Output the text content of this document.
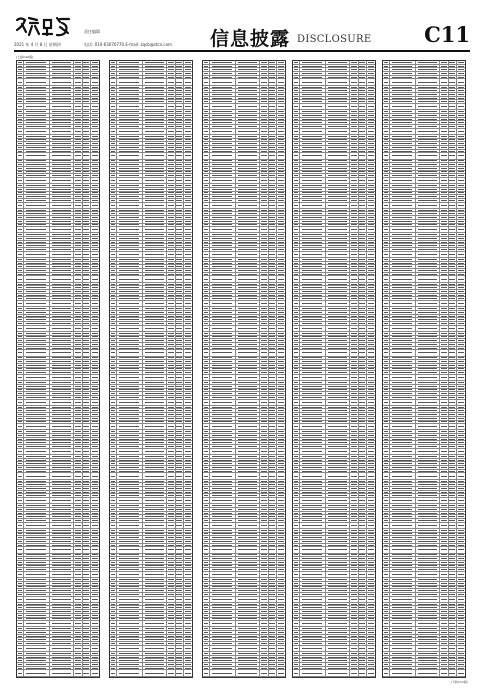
2021 年 4 月 8 日 星期四
责任编辑
电话: 010-63070770 E-mail: zqsb@stcn.com 信息披露 DISCLOSURE	C11
(上接C10版)
(下转C12版)
